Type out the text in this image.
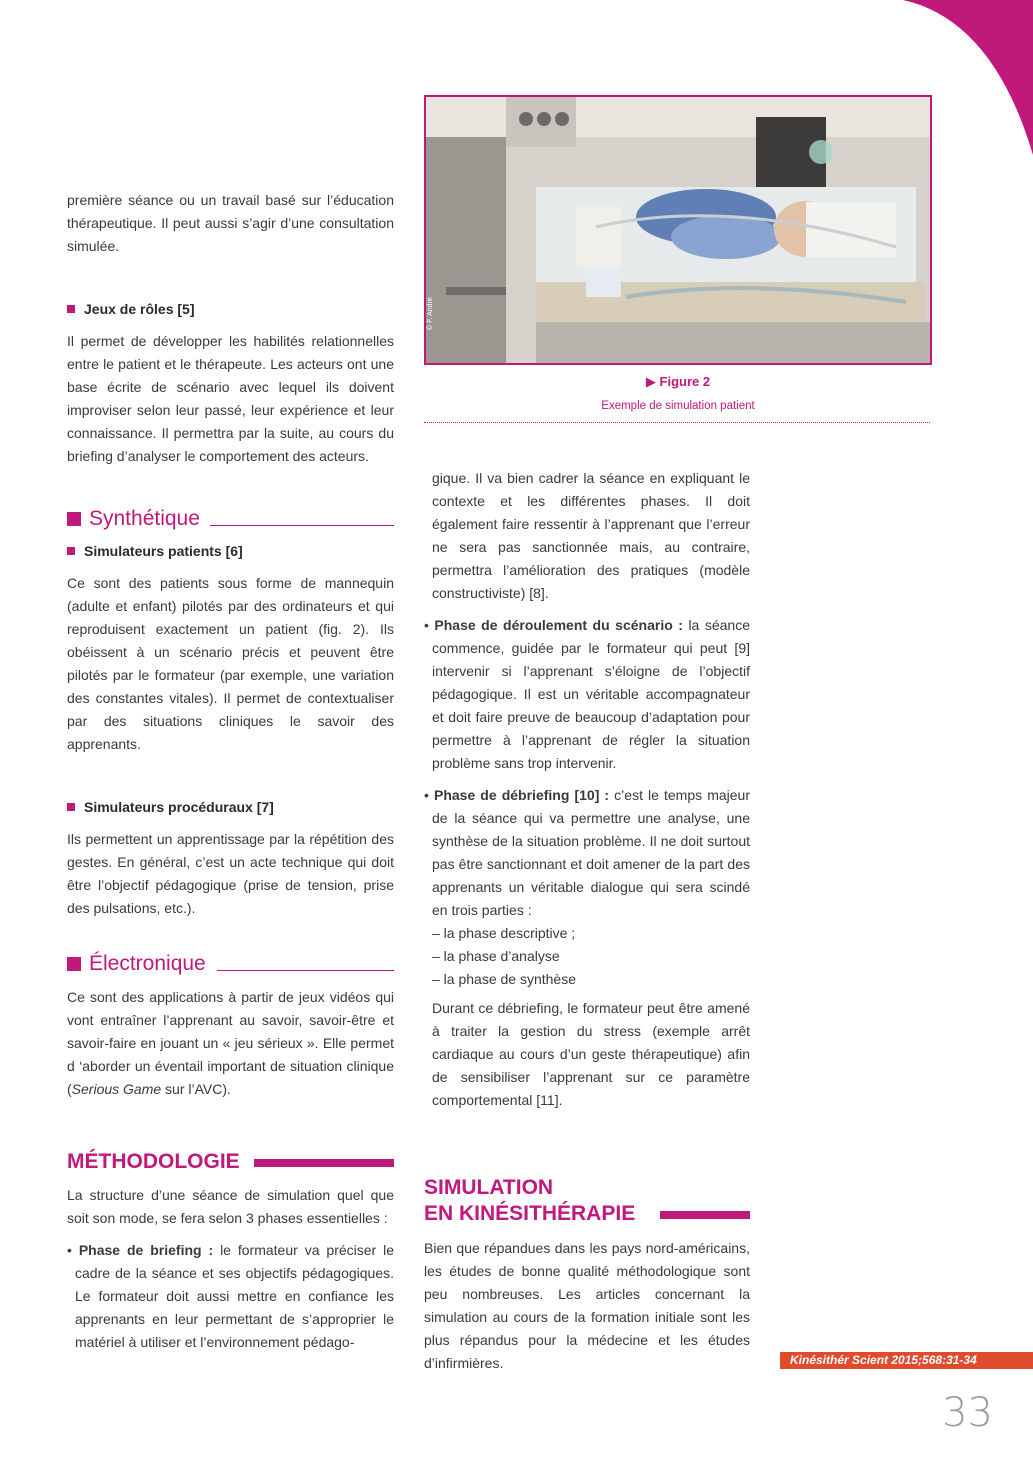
première séance ou un travail basé sur l’éducation thérapeutique. Il peut aussi s’agir d’une consultation simulée.

Jeux de rôles [5]

Il permet de développer les habilités relationnelles entre le patient et le thérapeute. Les acteurs ont une base écrite de scénario avec lequel ils doivent improviser selon leur passé, leur expérience et leur connaissance. Il permettra par la suite, au cours du briefing d’analyser le comportement des acteurs.

Synthétique

Simulateurs patients [6]

Ce sont des patients sous forme de mannequin (adulte et enfant) pilotés par des ordinateurs et qui reproduisent exactement un patient (fig. 2). Ils obéissent à un scénario précis et peuvent être pilotés par le formateur (par exemple, une variation des constantes vitales). Il permet de contextualiser par des situations cliniques le savoir des apprenants.

Simulateurs procéduraux [7]

Ils permettent un apprentissage par la répétition des gestes. En général, c’est un acte technique qui doit être l’objectif pédagogique (prise de tension, prise des pulsations, etc.).

Électronique

Ce sont des applications à partir de jeux vidéos qui vont entraîner l’apprenant au savoir, savoir-être et savoir-faire en jouant un « jeu sérieux ». Elle permet d ‘aborder un éventail important de situation clinique (Serious Game sur l’AVC).

MÉTHODOLOGIE

La structure d’une séance de simulation quel que soit son mode, se fera selon 3 phases essentielles :

• Phase de briefing : le formateur va préciser le cadre de la séance et ses objectifs pédagogiques. Le formateur doit aussi mettre en confiance les apprenants en leur permettant de s’approprier le matériel à utiliser et l’environnement pédago-

© F. André
▶ Figure 2
Exemple de simulation patient

gique. Il va bien cadrer la séance en expliquant le contexte et les différentes phases. Il doit également faire ressentir à l’apprenant que l’erreur ne sera pas sanctionnée mais, au contraire, permettra l’amélioration des pratiques (modèle constructiviste) [8].

• Phase de déroulement du scénario : la séance commence, guidée par le formateur qui peut [9] intervenir si l’apprenant s’éloigne de l’objectif pédagogique. Il est un véritable accompagnateur et doit faire preuve de beaucoup d’adaptation pour permettre à l’apprenant de régler la situation problème sans trop intervenir.

• Phase de débriefing [10] : c’est le temps majeur de la séance qui va permettre une analyse, une synthèse de la situation problème. Il ne doit surtout pas être sanctionnant et doit amener de la part des apprenants un véritable dialogue qui sera scindé en trois parties :

– la phase descriptive ;

– la phase d’analyse

– la phase de synthèse

Durant ce débriefing, le formateur peut être amené à traiter la gestion du stress (exemple arrêt cardiaque au cours d’un geste thérapeutique) afin de sensibiliser l’apprenant sur ce paramètre comportemental [11].

SIMULATION
EN KINÉSITHÉRAPIE

Bien que répandues dans les pays nord-américains, les études de bonne qualité méthodologique sont peu nombreuses. Les articles concernant la simulation au cours de la formation initiale sont les plus répandus pour la médecine et les études d’infirmières.	Kinésithér Scient 2015;568:31-34
33
